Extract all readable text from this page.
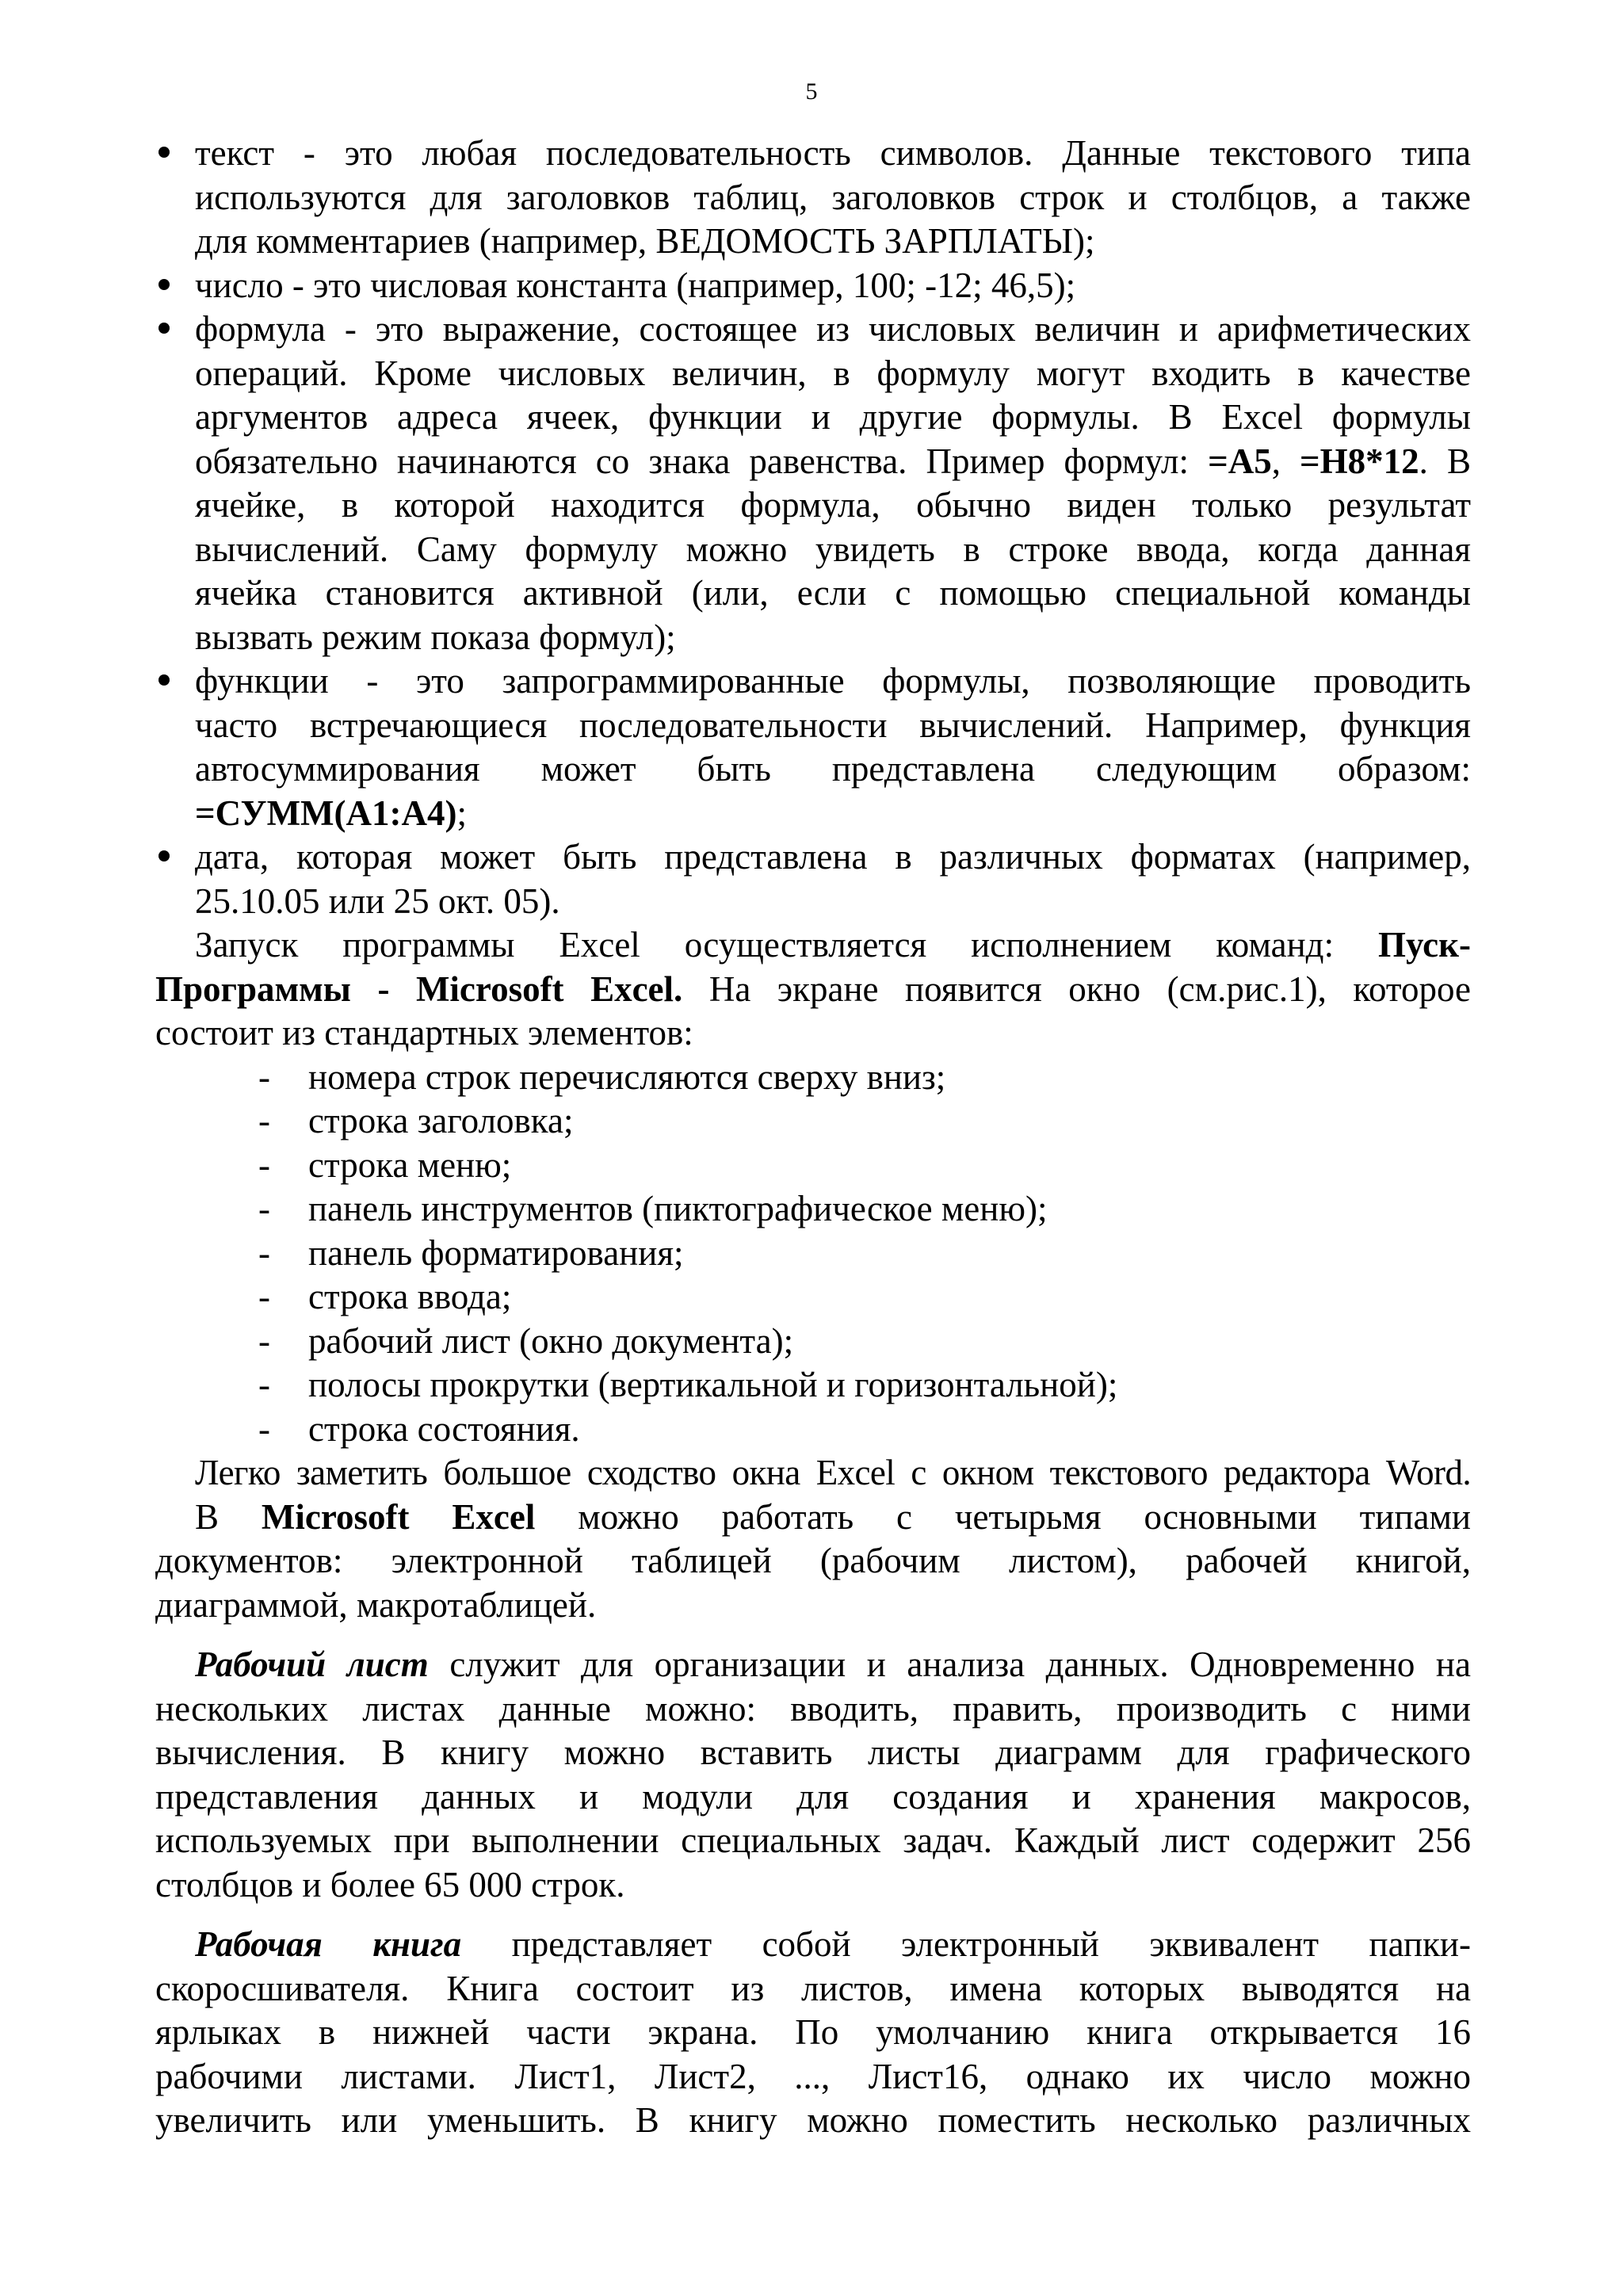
5
текст - это любая последовательность символов. Данные текстового типа
используются для заголовков таблиц, заголовков строк и столбцов, а также
для комментариев (например, ВЕДОМОСТЬ ЗАРПЛАТЫ);
число - это числовая константа (например, 100; -12; 46,5);
формула - это выражение, состоящее из числовых величин и арифметических
операций. Кроме числовых величин, в формулу могут входить в качестве
аргументов адреса ячеек, функции и другие формулы. В Excel формулы
обязательно начинаются со знака равенства. Пример формул: =A5, =H8*12. В
ячейке, в которой находится формула, обычно виден только результат
вычислений. Саму формулу можно увидеть в строке ввода, когда данная
ячейка становится активной (или, если с помощью специальной команды
вызвать режим показа формул);
функции - это запрограммированные формулы, позволяющие проводить
часто встречающиеся последовательности вычислений. Например, функция
автосуммирования может быть представлена следующим образом:
=СУММ(A1:A4);
дата, которая может быть представлена в различных форматах (например,
25.10.05 или 25 окт. 05).
Запуск программы Excel осуществляется исполнением команд: Пуск-
Программы - Microsoft Excel. На экране появится окно (см.рис.1), которое
состоит из стандартных элементов:
- номера строк перечисляются сверху вниз;
- строка заголовка;
- строка меню;
- панель инструментов (пиктографическое меню);
- панель форматирования;
- строка ввода;
- рабочий лист (окно документа);
- полосы прокрутки (вертикальной и горизонтальной);
- строка состояния.
Легко заметить большое сходство окна Excel с окном текстового редактора Word.
В Microsoft Excel можно работать с четырьмя основными типами
документов: электронной таблицей (рабочим листом), рабочей книгой,
диаграммой, макротаблицей.
Рабочий лист служит для организации и анализа данных. Одновременно на
нескольких листах данные можно: вводить, править, производить с ними
вычисления. В книгу можно вставить листы диаграмм для графического
представления данных и модули для создания и хранения макросов,
используемых при выполнении специальных задач. Каждый лист содержит 256
столбцов и более 65 000 строк.
Рабочая книга представляет собой электронный эквивалент папки-
скоросшивателя. Книга состоит из листов, имена которых выводятся на
ярлыках в нижней части экрана. По умолчанию книга открывается 16
рабочими листами. Лист1, Лист2, ..., Лист16, однако их число можно
увеличить или уменьшить. В книгу можно поместить несколько различных
